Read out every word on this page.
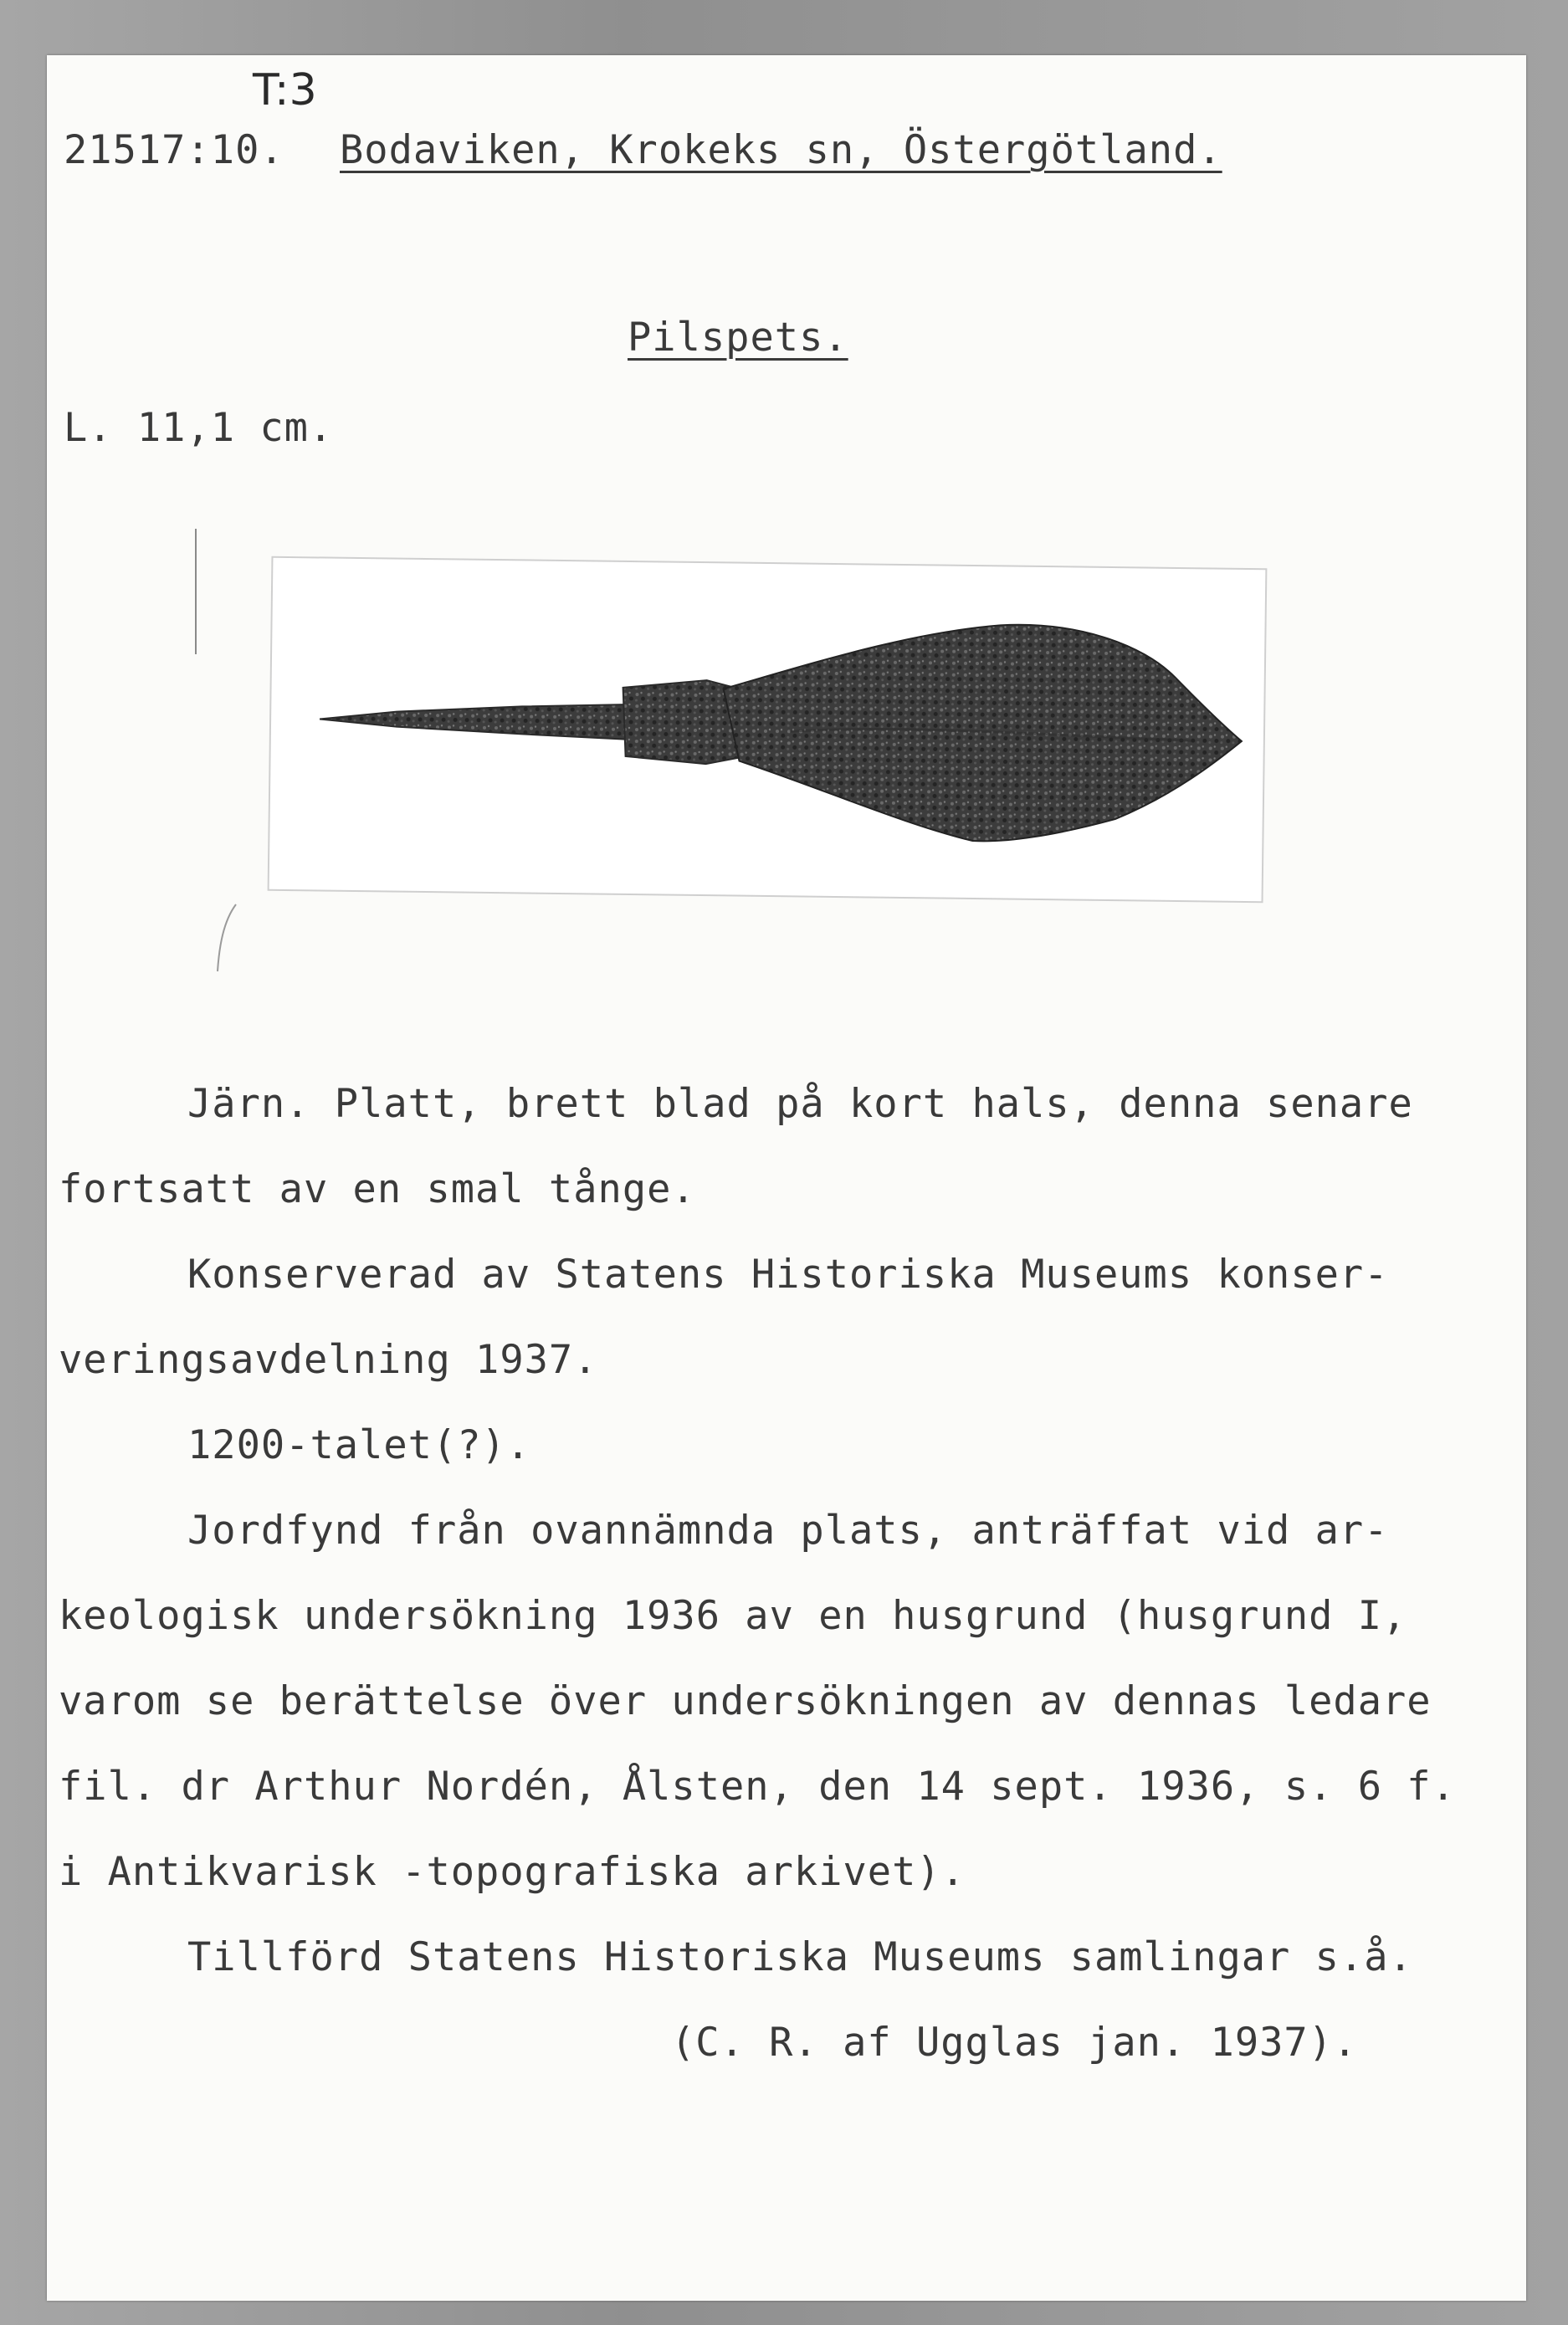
T:3
21517:10. Bodaviken, Krokeks sn, Östergötland.
Pilspets.
L. 11,1 cm.
Järn. Platt, brett blad på kort hals, denna senare
fortsatt av en smal tånge.
Konserverad av Statens Historiska Museums konser-
veringsavdelning 1937.
1200-talet(?).
Jordfynd från ovannämnda plats, anträffat vid ar-
keologisk undersökning 1936 av en husgrund (husgrund I,
varom se berättelse över undersökningen av dennas ledare
fil. dr Arthur Nordén, Ålsten, den 14 sept. 1936, s. 6 f.
i Antikvarisk -topografiska arkivet).
Tillförd Statens Historiska Museums samlingar s.å.
(C. R. af Ugglas jan. 1937).
